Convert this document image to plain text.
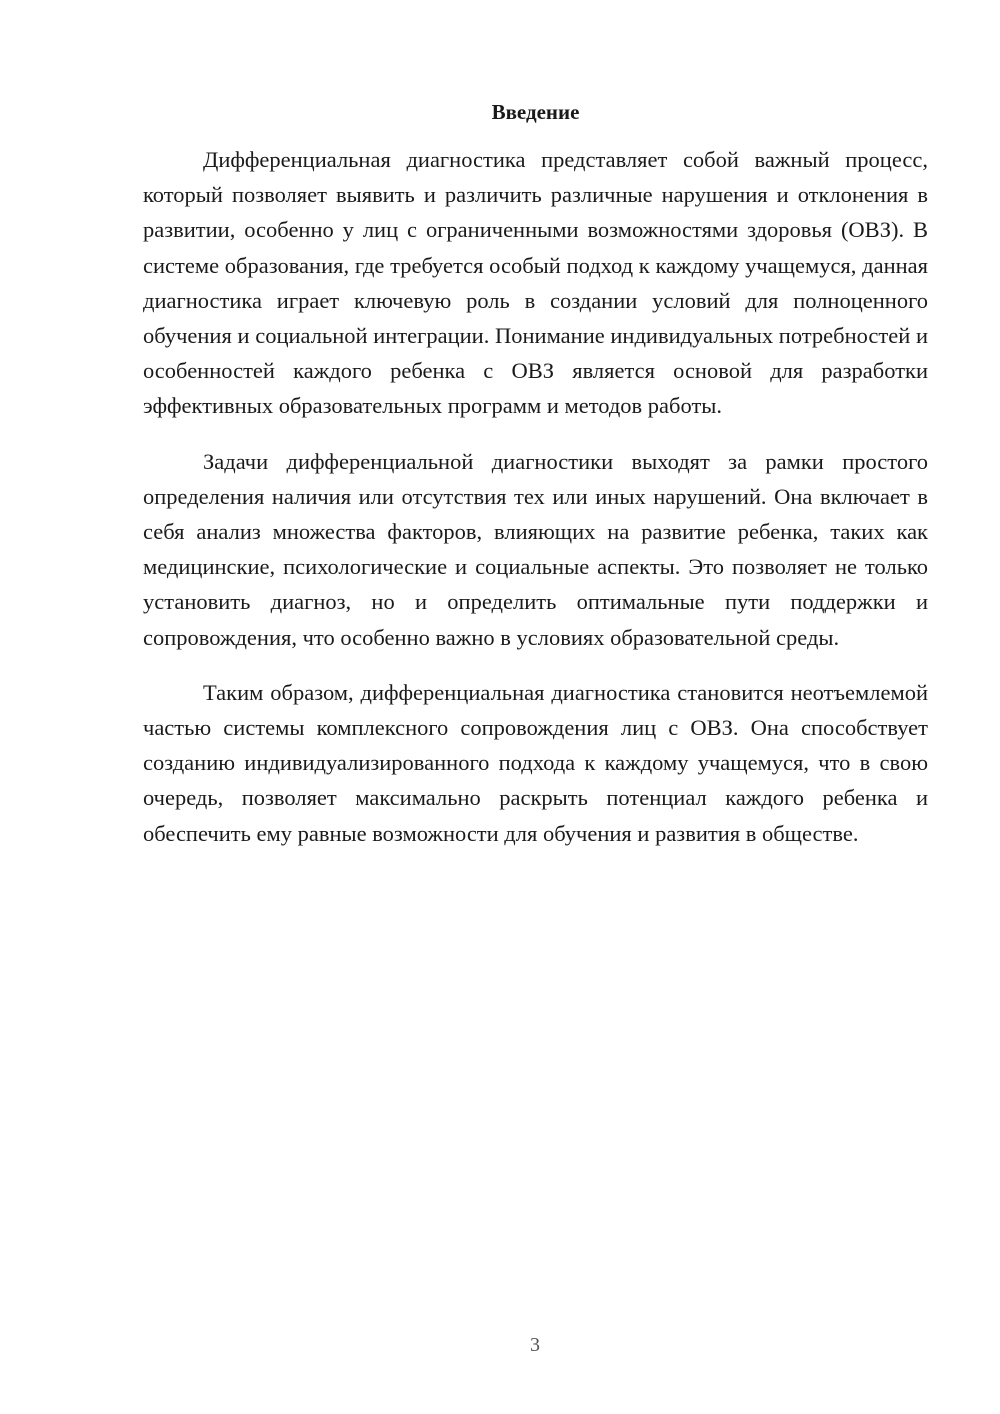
Введение

Дифференциальная диагностика представляет собой важный процесс, который позволяет выявить и различить различные нарушения и отклонения в развитии, особенно у лиц с ограниченными возможностями здоровья (ОВЗ). В системе образования, где требуется особый подход к каждому учащемуся, данная диагностика играет ключевую роль в создании условий для полноценного обучения и социальной интеграции. Понимание индивидуальных потребностей и особенностей каждого ребенка с ОВЗ является основой для разработки эффективных образовательных программ и методов работы.

Задачи дифференциальной диагностики выходят за рамки простого определения наличия или отсутствия тех или иных нарушений. Она включает в себя анализ множества факторов, влияющих на развитие ребенка, таких как медицинские, психологические и социальные аспекты. Это позволяет не только установить диагноз, но и определить оптимальные пути поддержки и сопровождения, что особенно важно в условиях образовательной среды.

Таким образом, дифференциальная диагностика становится неотъемлемой частью системы комплексного сопровождения лиц с ОВЗ. Она способствует созданию индивидуализированного подхода к каждому учащемуся, что в свою очередь, позволяет максимально раскрыть потенциал каждого ребенка и обеспечить ему равные возможности для обучения и развития в обществе.

3
